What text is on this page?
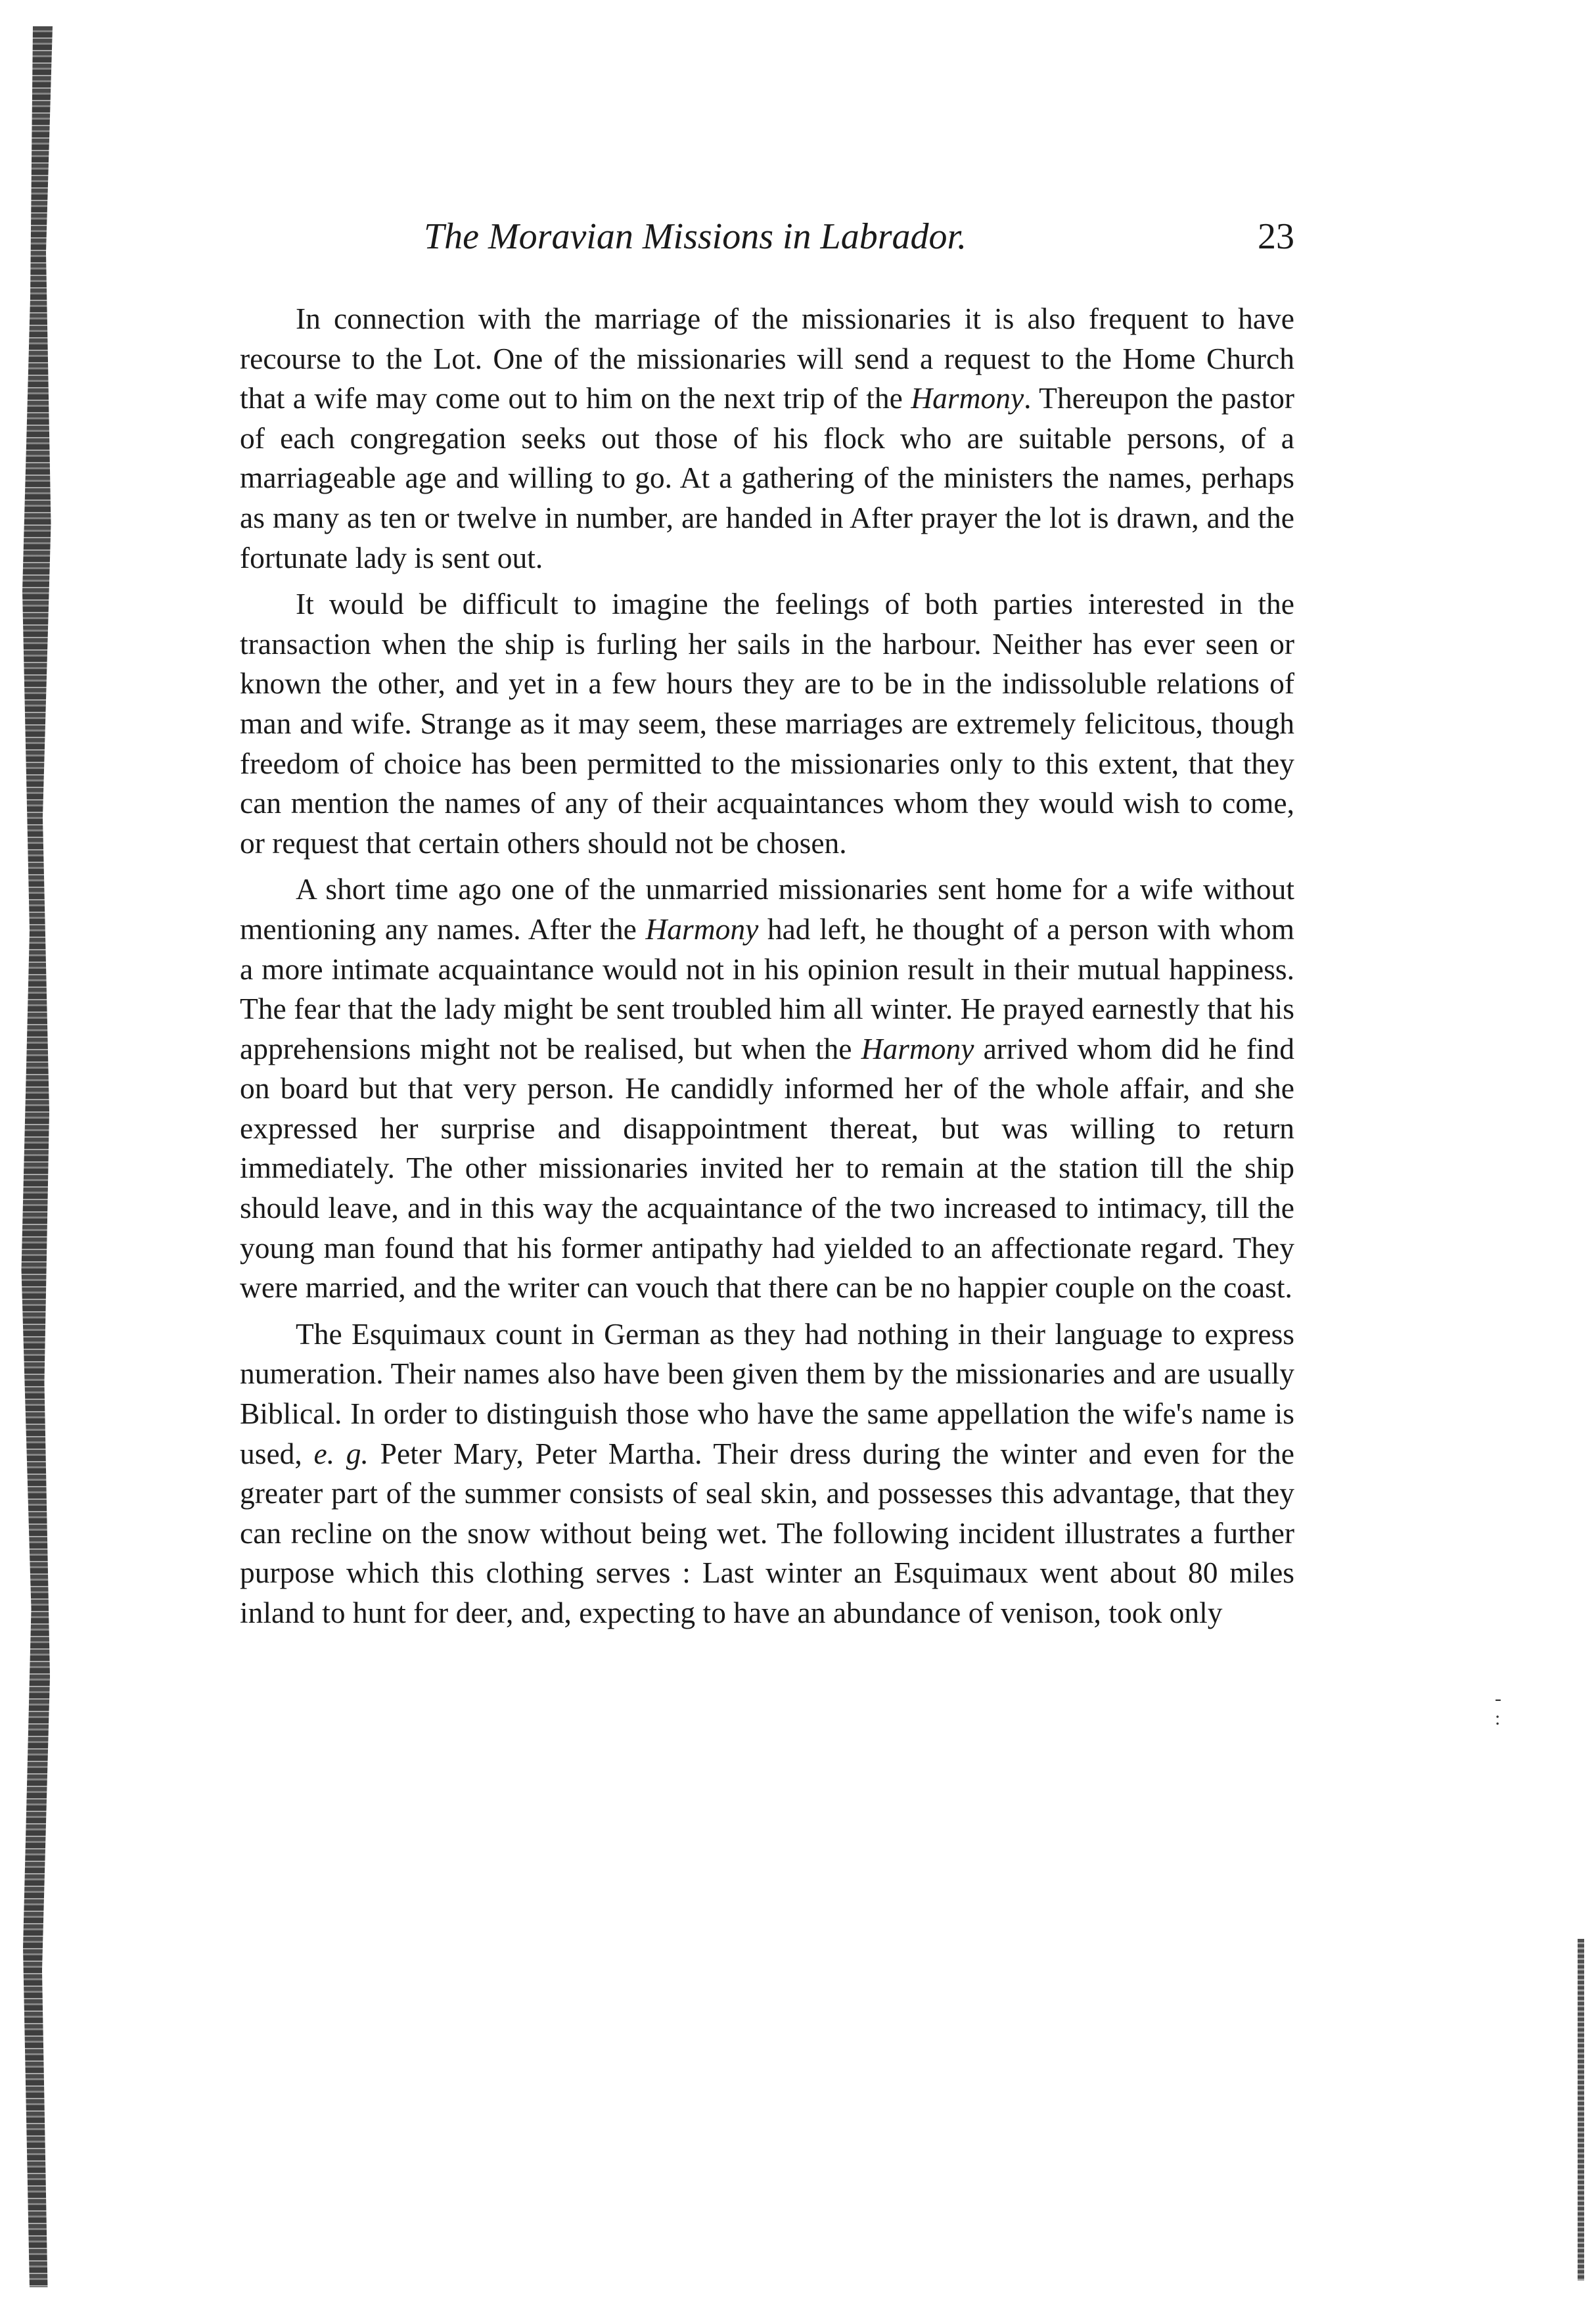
-
:
The Moravian Missions in Labrador.	23

In connection with the marriage of the missionaries it is also frequent to have recourse to the Lot. One of the missionaries will send a request to the Home Church that a wife may come out to him on the next trip of the Harmony. Thereupon the pastor of each congregation seeks out those of his flock who are suitable persons, of a marriageable age and willing to go. At a gathering of the ministers the names, perhaps as many as ten or twelve in number, are handed in After prayer the lot is drawn, and the fortunate lady is sent out.

It would be difficult to imagine the feelings of both parties interested in the transaction when the ship is furling her sails in the harbour. Neither has ever seen or known the other, and yet in a few hours they are to be in the indissoluble relations of man and wife. Strange as it may seem, these marriages are extremely felicitous, though freedom of choice has been permitted to the missionaries only to this extent, that they can mention the names of any of their acquaintances whom they would wish to come, or request that certain others should not be chosen.

A short time ago one of the unmarried missionaries sent home for a wife without mentioning any names. After the Harmony had left, he thought of a person with whom a more intimate acquaintance would not in his opinion result in their mutual happiness. The fear that the lady might be sent troubled him all winter. He prayed earnestly that his apprehensions might not be realised, but when the Harmony arrived whom did he find on board but that very person. He candidly informed her of the whole affair, and she expressed her surprise and disappointment thereat, but was willing to return immediately. The other missionaries invited her to remain at the station till the ship should leave, and in this way the acquaintance of the two increased to intimacy, till the young man found that his former antipathy had yielded to an affectionate regard. They were married, and the writer can vouch that there can be no happier couple on the coast.

The Esquimaux count in German as they had nothing in their language to express numeration. Their names also have been given them by the missionaries and are usually Biblical. In order to distinguish those who have the same appellation the wife's name is used, e. g. Peter Mary, Peter Martha. Their dress during the winter and even for the greater part of the summer consists of seal skin, and possesses this advantage, that they can recline on the snow without being wet. The following incident illustrates a further purpose which this clothing serves : Last winter an Esquimaux went about 80 miles inland to hunt for deer, and, expecting to have an abundance of venison, took only
